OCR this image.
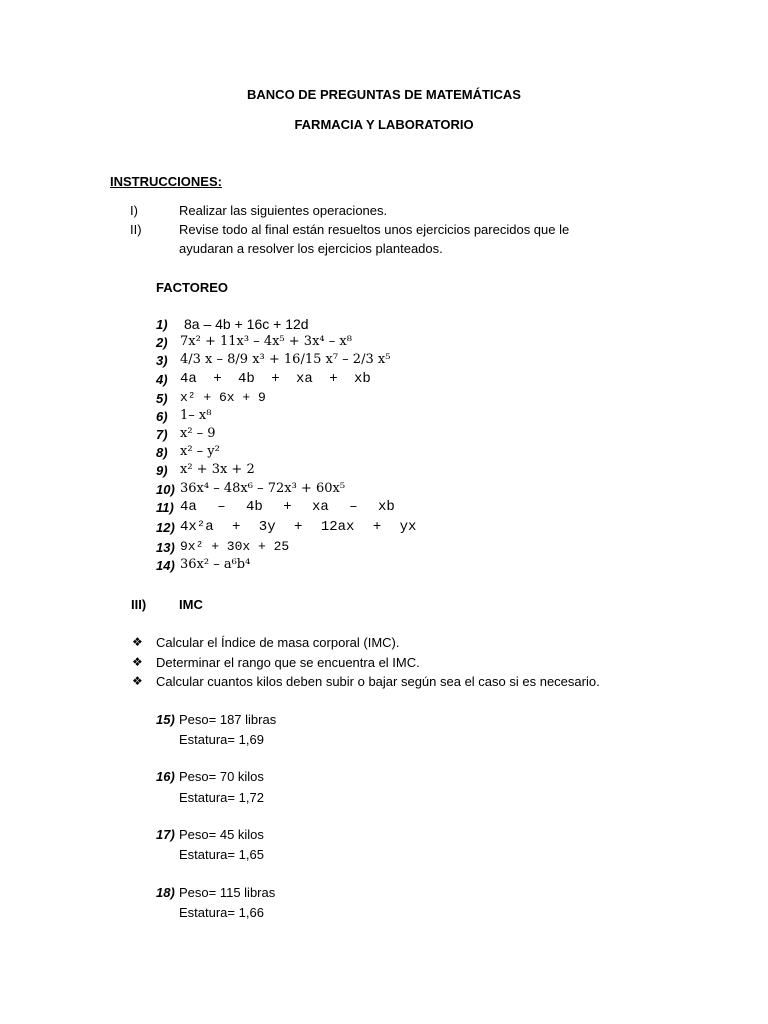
BANCO DE PREGUNTAS DE MATEMÁTICAS
FARMACIA Y LABORATORIO
INSTRUCCIONES:
I)	Realizar las siguientes operaciones.
II)	Revise todo al final están resueltos unos ejercicios parecidos que le
ayudaran a resolver los ejercicios planteados.
FACTOREO
1) 8a – 4b + 16c + 12d
2) 7x² + 11x³ – 4x⁵ + 3x⁴ – x⁸
3) 4/3 x – 8/9 x³ + 16/15 x⁷ – 2/3 x⁵
4) 4a + 4b + xa + xb
5) x² + 6x + 9
6) 1– x⁸
7) x² – 9
8) x² – y²
9) x² + 3x + 2
10) 36x⁴ – 48x⁶ – 72x³ + 60x⁵
11) 4a – 4b + xa – xb
12) 4x²a + 3y + 12ax + yx
13) 9x² + 30x + 25
14) 36x² – a⁶b⁴
III)	IMC
❖ Calcular el Índice de masa corporal (IMC).
❖ Determinar el rango que se encuentra el IMC.
❖ Calcular cuantos kilos deben subir o bajar según sea el caso si es necesario.
15) Peso= 187 libras
Estatura= 1,69
16) Peso= 70 kilos
Estatura= 1,72
17) Peso= 45 kilos
Estatura= 1,65
18) Peso= 115 libras
Estatura= 1,66
